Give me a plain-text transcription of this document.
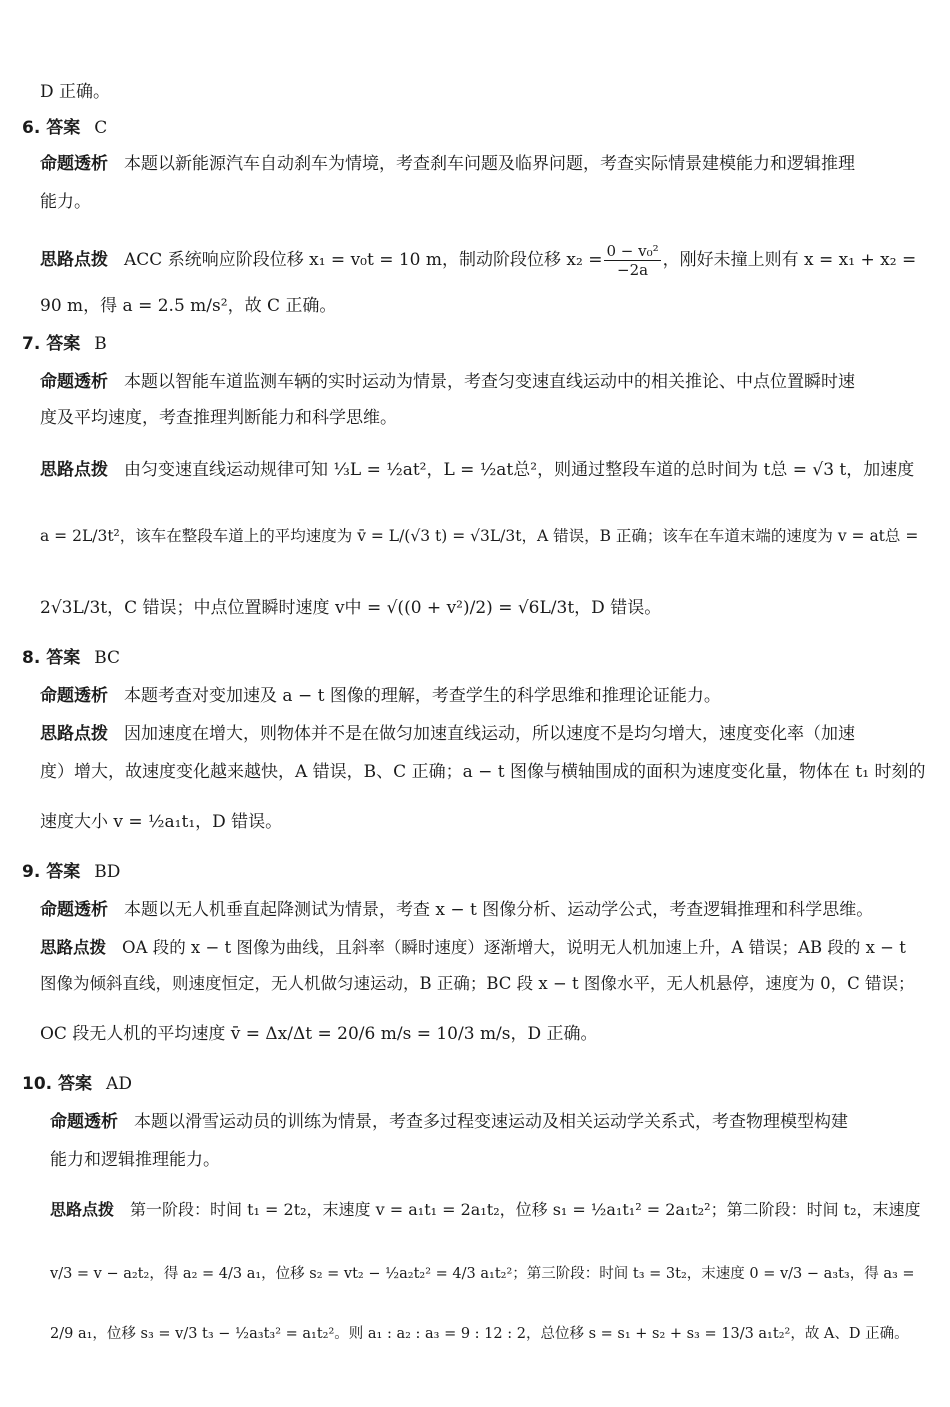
D 正确。
6. 答案 C
命题透析 本题以新能源汽车自动刹车为情境，考查刹车问题及临界问题，考查实际情景建模能力和逻辑推理
能力。
思路点拨 ACC 系统响应阶段位移 x₁ = v₀t = 10 m，制动阶段位移 $x_2 = \frac{\text{0 − v₀²}}{-2a}$ ，刚好未撞上则有 x = x₁ + x₂ =
90 m，得 a = 2.5 m/s²，故 C 正确。
7. 答案 B
命题透析 本题以智能车道监测车辆的实时运动为情景，考查匀变速直线运动中的相关推论、中点位置瞬时速
度及平均速度，考查推理判断能力和科学思维。
思路点拨 由匀变速直线运动规律可知 ⅓L = ½at²，L = ½at总²，则通过整段车道的总时间为 t总 = √3 t，加速度
a = 2L/3t²，该车在整段车道上的平均速度为 v̄ = L/(√3 t) = √3L/3t，A 错误，B 正确；该车在车道末端的速度为 v = at总 =
2√3L/3t，C 错误；中点位置瞬时速度 v中 = √((0 + v²)/2) = √6L/3t，D 错误。
8. 答案 BC
命题透析 本题考查对变加速及 a − t 图像的理解，考查学生的科学思维和推理论证能力。
思路点拨 因加速度在增大，则物体并不是在做匀加速直线运动，所以速度不是均匀增大，速度变化率（加速
度）增大，故速度变化越来越快，A 错误，B、C 正确；a − t 图像与横轴围成的面积为速度变化量，物体在 t₁ 时刻的
速度大小 v = ½a₁t₁，D 错误。
9. 答案 BD
命题透析 本题以无人机垂直起降测试为情景，考查 x − t 图像分析、运动学公式，考查逻辑推理和科学思维。
思路点拨 OA 段的 x − t 图像为曲线，且斜率（瞬时速度）逐渐增大，说明无人机加速上升，A 错误；AB 段的 x − t
图像为倾斜直线，则速度恒定，无人机做匀速运动，B 正确；BC 段 x − t 图像水平，无人机悬停，速度为 0，C 错误；
OC 段无人机的平均速度 v̄ = Δx/Δt = 20/6 m/s = 10/3 m/s，D 正确。
10. 答案 AD
命题透析 本题以滑雪运动员的训练为情景，考查多过程变速运动及相关运动学关系式，考查物理模型构建
能力和逻辑推理能力。
思路点拨 第一阶段：时间 t₁ = 2t₂，末速度 v = a₁t₁ = 2a₁t₂，位移 s₁ = ½a₁t₁² = 2a₁t₂²；第二阶段：时间 t₂，末速度
v/3 = v − a₂t₂，得 a₂ = 4/3 a₁，位移 s₂ = vt₂ − ½a₂t₂² = 4/3 a₁t₂²；第三阶段：时间 t₃ = 3t₂，末速度 0 = v/3 − a₃t₃，得 a₃ =
2/9 a₁，位移 s₃ = v/3 t₃ − ½a₃t₃² = a₁t₂²。则 a₁ : a₂ : a₃ = 9 : 12 : 2，总位移 s = s₁ + s₂ + s₃ = 13/3 a₁t₂²，故 A、D 正确。
